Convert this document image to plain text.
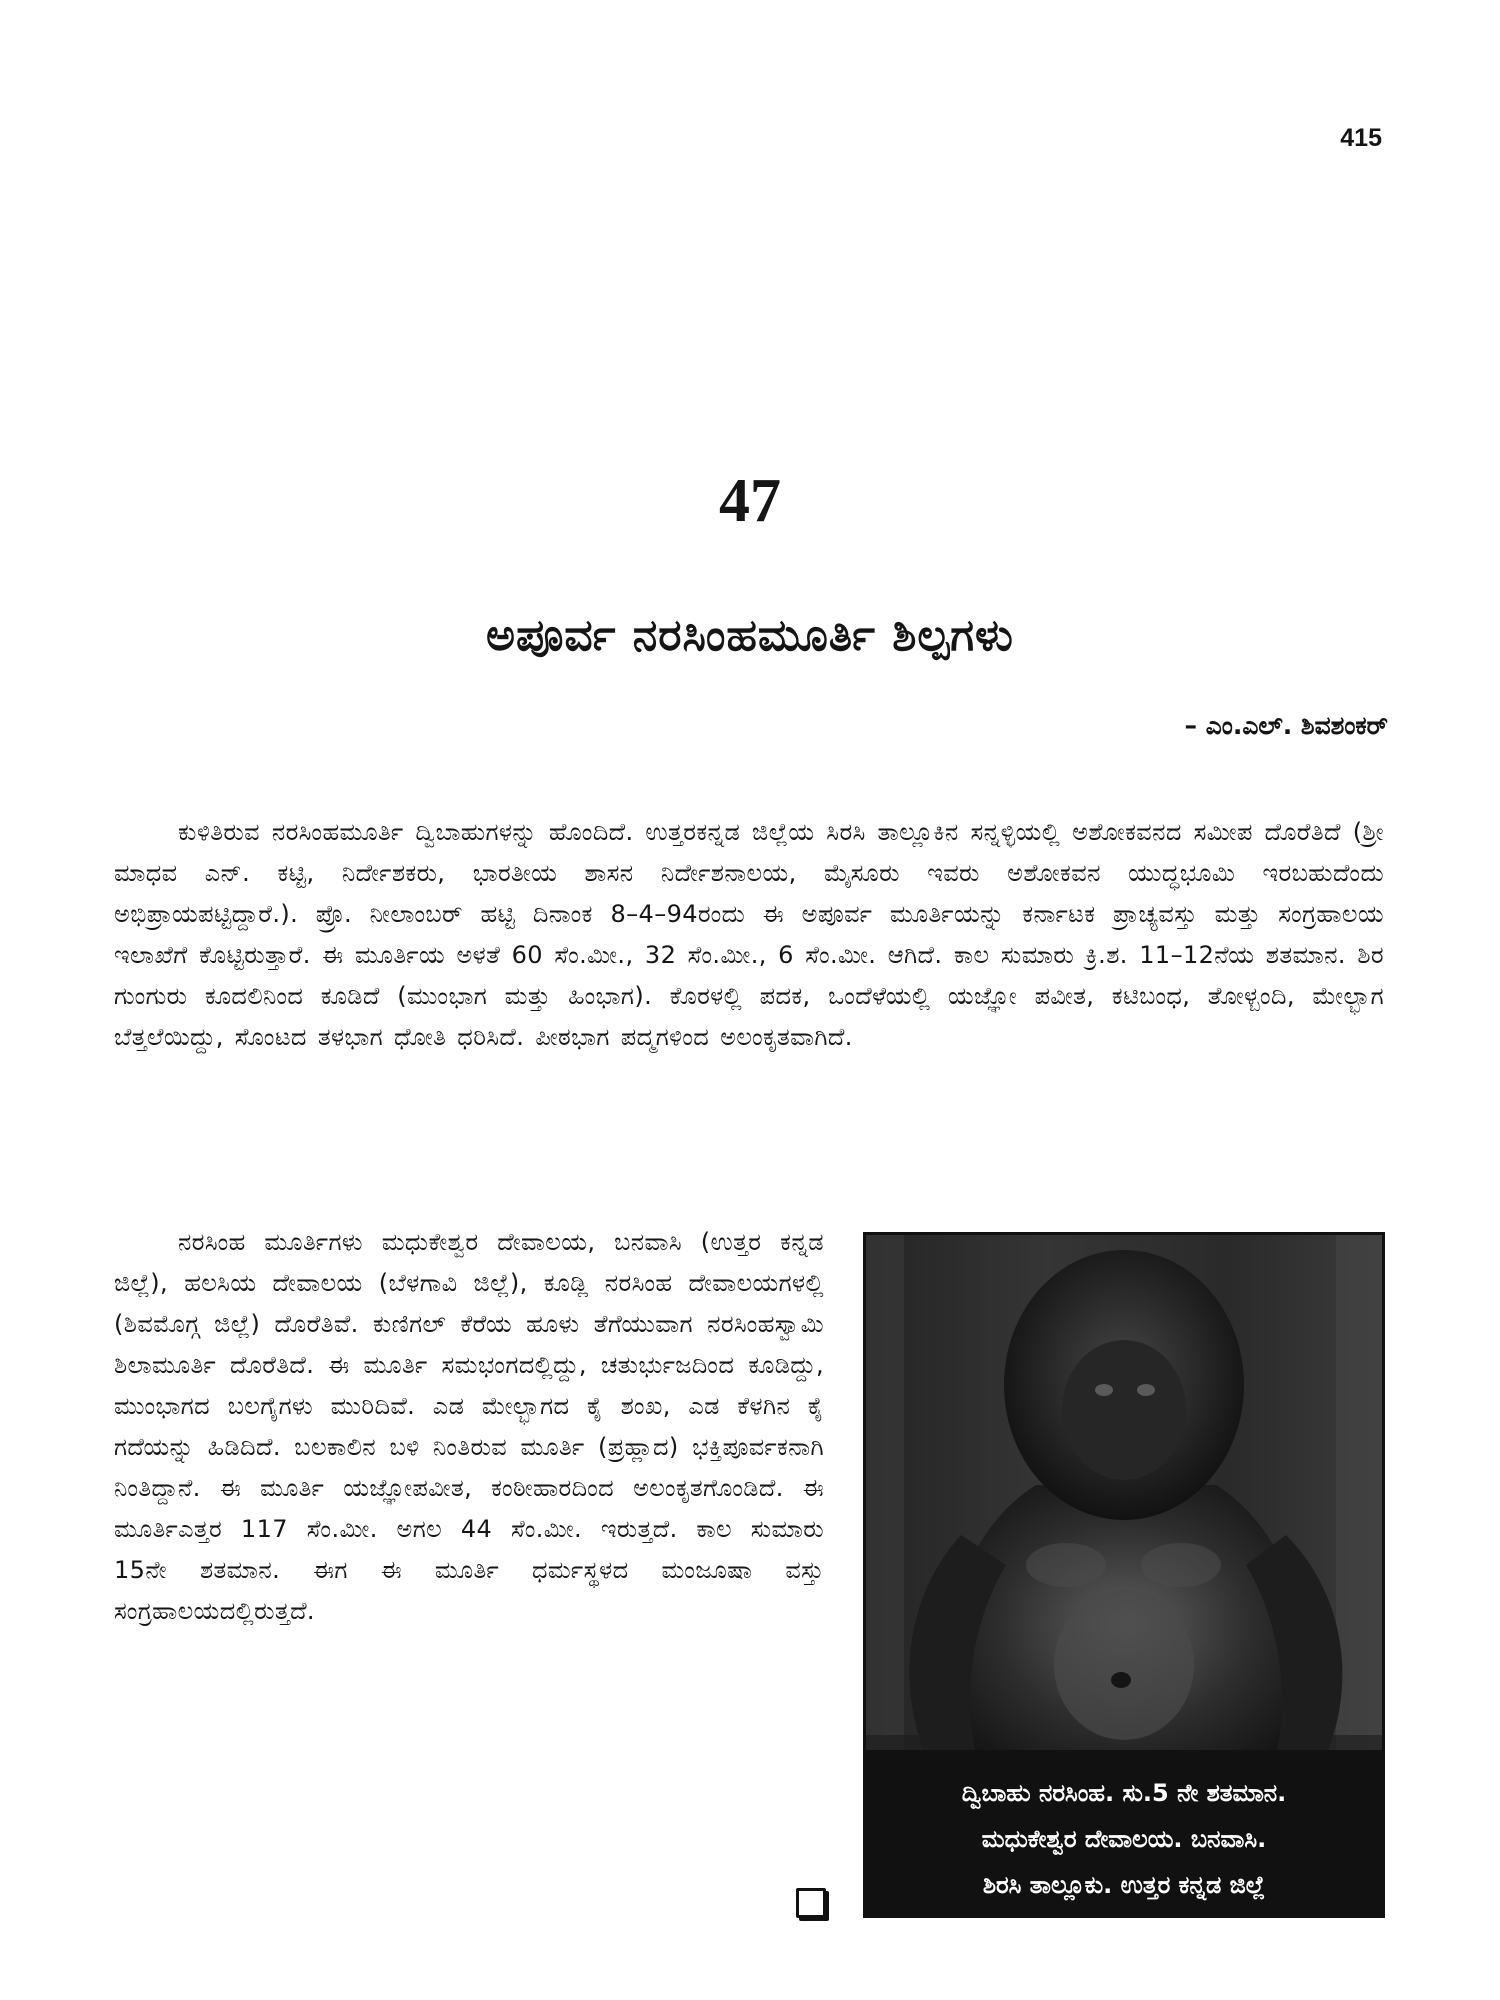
415
47
ಅಪೂರ್ವ ನರಸಿಂಹಮೂರ್ತಿ ಶಿಲ್ಪಗಳು
– ಎಂ.ಎಲ್. ಶಿವಶಂಕರ್

ಕುಳಿತಿರುವ ನರಸಿಂಹಮೂರ್ತಿ ದ್ವಿಬಾಹುಗಳನ್ನು ಹೊಂದಿದೆ. ಉತ್ತರಕನ್ನಡ ಜಿಲ್ಲೆಯ ಸಿರಸಿ ತಾಲ್ಲೂಕಿನ ಸನ್ನಳ್ಳಿಯಲ್ಲಿ ಅಶೋಕವನದ ಸಮೀಪ ದೊರೆತಿದೆ (ಶ್ರೀ ಮಾಧವ ಎನ್. ಕಟ್ಟಿ, ನಿರ್ದೇಶಕರು, ಭಾರತೀಯ ಶಾಸನ ನಿರ್ದೇಶನಾಲಯ, ಮೈಸೂರು ಇವರು ಅಶೋಕವನ ಯುದ್ಧಭೂಮಿ ಇರಬಹುದೆಂದು ಅಭಿಪ್ರಾಯಪಟ್ಟಿದ್ದಾರೆ.). ಪ್ರೊ. ನೀಲಾಂಬರ್ ಹಟ್ಟಿ ದಿನಾಂಕ 8–4–94ರಂದು ಈ ಅಪೂರ್ವ ಮೂರ್ತಿಯನ್ನು ಕರ್ನಾಟಕ ಪ್ರಾಚ್ಯವಸ್ತು ಮತ್ತು ಸಂಗ್ರಹಾಲಯ ಇಲಾಖೆಗೆ ಕೊಟ್ಟಿರುತ್ತಾರೆ. ಈ ಮೂರ್ತಿಯ ಅಳತೆ 60 ಸೆಂ.ಮೀ., 32 ಸೆಂ.ಮೀ., 6 ಸೆಂ.ಮೀ. ಆಗಿದೆ. ಕಾಲ ಸುಮಾರು ಕ್ರಿ.ಶ. 11–12ನೆಯ ಶತಮಾನ. ಶಿರ ಗುಂಗುರು ಕೂದಲಿನಿಂದ ಕೂಡಿದೆ (ಮುಂಭಾಗ ಮತ್ತು ಹಿಂಭಾಗ). ಕೊರಳಲ್ಲಿ ಪದಕ, ಒಂದೆಳೆಯಲ್ಲಿ ಯಜ್ಞೋ ಪವೀತ, ಕಟಿಬಂಧ, ತೋಳ್ಬಂದಿ, ಮೇಲ್ಭಾಗ ಬೆತ್ತಲೆಯಿದ್ದು, ಸೊಂಟದ ತಳಭಾಗ ಧೋತಿ ಧರಿಸಿದೆ. ಪೀಠಭಾಗ ಪದ್ಮಗಳಿಂದ ಅಲಂಕೃತವಾಗಿದೆ.

ನರಸಿಂಹ ಮೂರ್ತಿಗಳು ಮಧುಕೇಶ್ವರ ದೇವಾಲಯ, ಬನವಾಸಿ (ಉತ್ತರ ಕನ್ನಡ ಜಿಲ್ಲೆ), ಹಲಸಿಯ ದೇವಾಲಯ (ಬೆಳಗಾವಿ ಜಿಲ್ಲೆ), ಕೂಡ್ಲಿ ನರಸಿಂಹ ದೇವಾಲಯಗಳಲ್ಲಿ (ಶಿವಮೊಗ್ಗ ಜಿಲ್ಲೆ) ದೊರೆತಿವೆ. ಕುಣಿಗಲ್ ಕೆರೆಯ ಹೂಳು ತೆಗೆಯುವಾಗ ನರಸಿಂಹಸ್ವಾಮಿ ಶಿಲಾಮೂರ್ತಿ ದೊರೆತಿದೆ. ಈ ಮೂರ್ತಿ ಸಮಭಂಗದಲ್ಲಿದ್ದು, ಚತುರ್ಭುಜದಿಂದ ಕೂಡಿದ್ದು, ಮುಂಭಾಗದ ಬಲಗೈಗಳು ಮುರಿದಿವೆ. ಎಡ ಮೇಲ್ಭಾಗದ ಕೈ ಶಂಖ, ಎಡ ಕೆಳಗಿನ ಕೈ ಗದೆಯನ್ನು ಹಿಡಿದಿದೆ. ಬಲಕಾಲಿನ ಬಳಿ ನಿಂತಿರುವ ಮೂರ್ತಿ (ಪ್ರಹ್ಲಾದ) ಭಕ್ತಿಪೂರ್ವಕನಾಗಿ ನಿಂತಿದ್ದಾನೆ. ಈ ಮೂರ್ತಿ ಯಜ್ಞೋಪವೀತ, ಕಂಠೀಹಾರದಿಂದ ಅಲಂಕೃತಗೊಂಡಿದೆ. ಈ ಮೂರ್ತಿಎತ್ತರ 117 ಸೆಂ.ಮೀ. ಅಗಲ 44 ಸೆಂ.ಮೀ. ಇರುತ್ತದೆ. ಕಾಲ ಸುಮಾರು 15ನೇ ಶತಮಾನ. ಈಗ ಈ ಮೂರ್ತಿ ಧರ್ಮಸ್ಥಳದ ಮಂಜೂಷಾ ವಸ್ತು ಸಂಗ್ರಹಾಲಯದಲ್ಲಿರುತ್ತದೆ.

ದ್ವಿಬಾಹು ನರಸಿಂಹ. ಸು.5 ನೇ ಶತಮಾನ.
ಮಧುಕೇಶ್ವರ ದೇವಾಲಯ. ಬನವಾಸಿ.
ಶಿರಸಿ ತಾಲ್ಲೂಕು. ಉತ್ತರ ಕನ್ನಡ ಜಿಲ್ಲೆ
